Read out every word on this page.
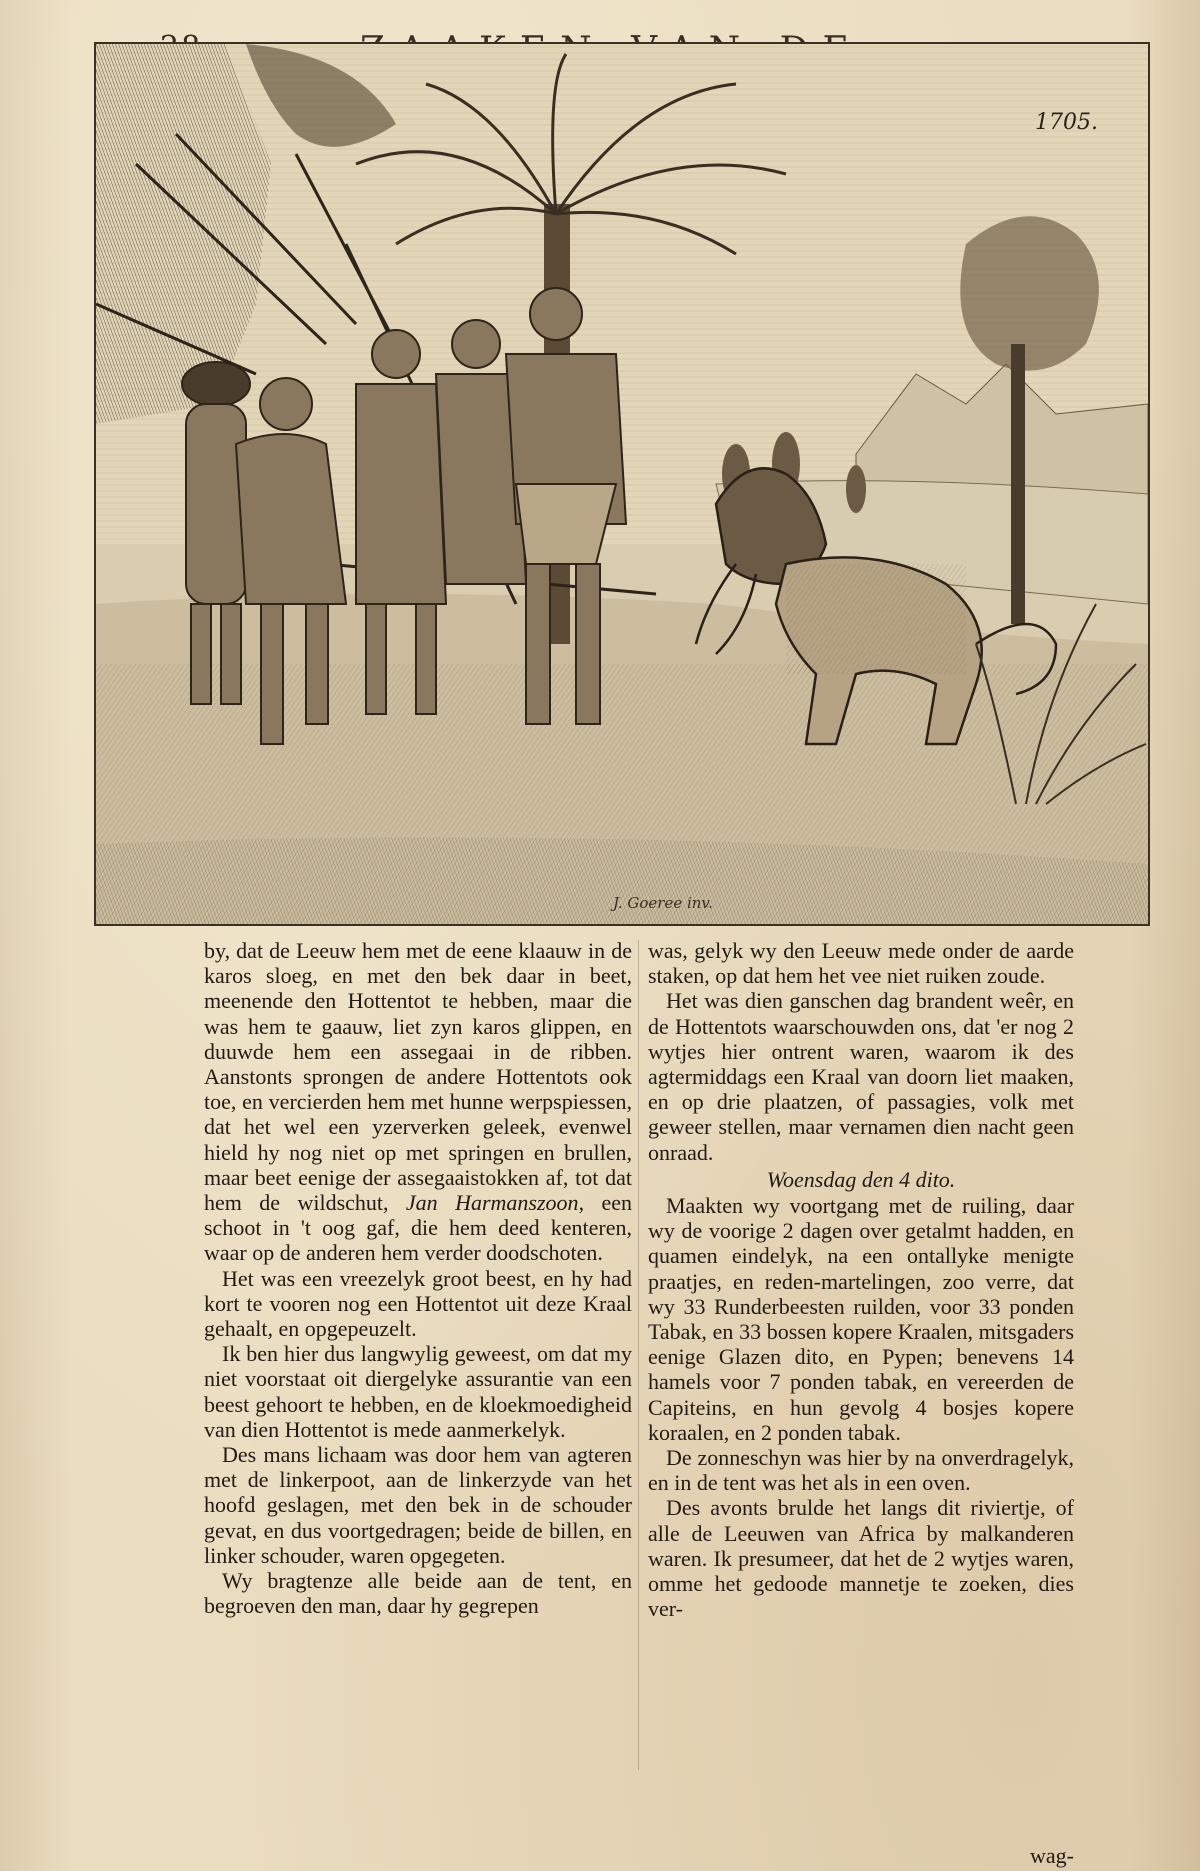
1705.
J. Goeree inv.

by, dat de Leeuw hem met de eene klaauw in de karos sloeg, en met den bek daar in beet, meenende den Hottentot te hebben, maar die was hem te gaauw, liet zyn karos glippen, en duuwde hem een assegaai in de ribben. Aanstonts sprongen de andere Hottentots ook toe, en vercierden hem met hunne werpspiessen, dat het wel een yzerverken geleek, evenwel hield hy nog niet op met springen en brullen, maar beet eenige der assegaaistokken af, tot dat hem de wildschut, Jan Harmanszoon, een schoot in 't oog gaf, die hem deed kenteren, waar op de anderen hem verder doodschoten.

Het was een vreezelyk groot beest, en hy had kort te vooren nog een Hottentot uit deze Kraal gehaalt, en opgepeuzelt.

Ik ben hier dus langwylig geweest, om dat my niet voorstaat oit diergelyke assurantie van een beest gehoort te hebben, en de kloekmoedigheid van dien Hottentot is mede aanmerkelyk.

Des mans lichaam was door hem van agteren met de linkerpoot, aan de linkerzyde van het hoofd geslagen, met den bek in de schouder gevat, en dus voortgedragen; beide de billen, en linker schouder, waren opgegeten.

Wy bragtenze alle beide aan de tent, en begroeven den man, daar hy gegrepen

was, gelyk wy den Leeuw mede onder de aarde staken, op dat hem het vee niet ruiken zoude.

Het was dien ganschen dag brandent weêr, en de Hottentots waarschouwden ons, dat 'er nog 2 wytjes hier ontrent waren, waarom ik des agtermiddags een Kraal van doorn liet maaken, en op drie plaatzen, of passagies, volk met geweer stellen, maar vernamen dien nacht geen onraad.

Woensdag den 4 dito.

Maakten wy voortgang met de ruiling, daar wy de voorige 2 dagen over getalmt hadden, en quamen eindelyk, na een ontallyke menigte praatjes, en reden-martelingen, zoo verre, dat wy 33 Runderbeesten ruilden, voor 33 ponden Tabak, en 33 bossen kopere Kraalen, mitsgaders eenige Glazen dito, en Pypen; benevens 14 hamels voor 7 ponden tabak, en vereerden de Capiteins, en hun gevolg 4 bosjes kopere koraalen, en 2 ponden tabak.

De zonneschyn was hier by na onverdragelyk, en in de tent was het als in een oven.

Des avonts brulde het langs dit riviertje, of alle de Leeuwen van Africa by malkanderen waren. Ik presumeer, dat het de 2 wytjes waren, omme het gedoode mannetje te zoeken, dies ver-

wag-
